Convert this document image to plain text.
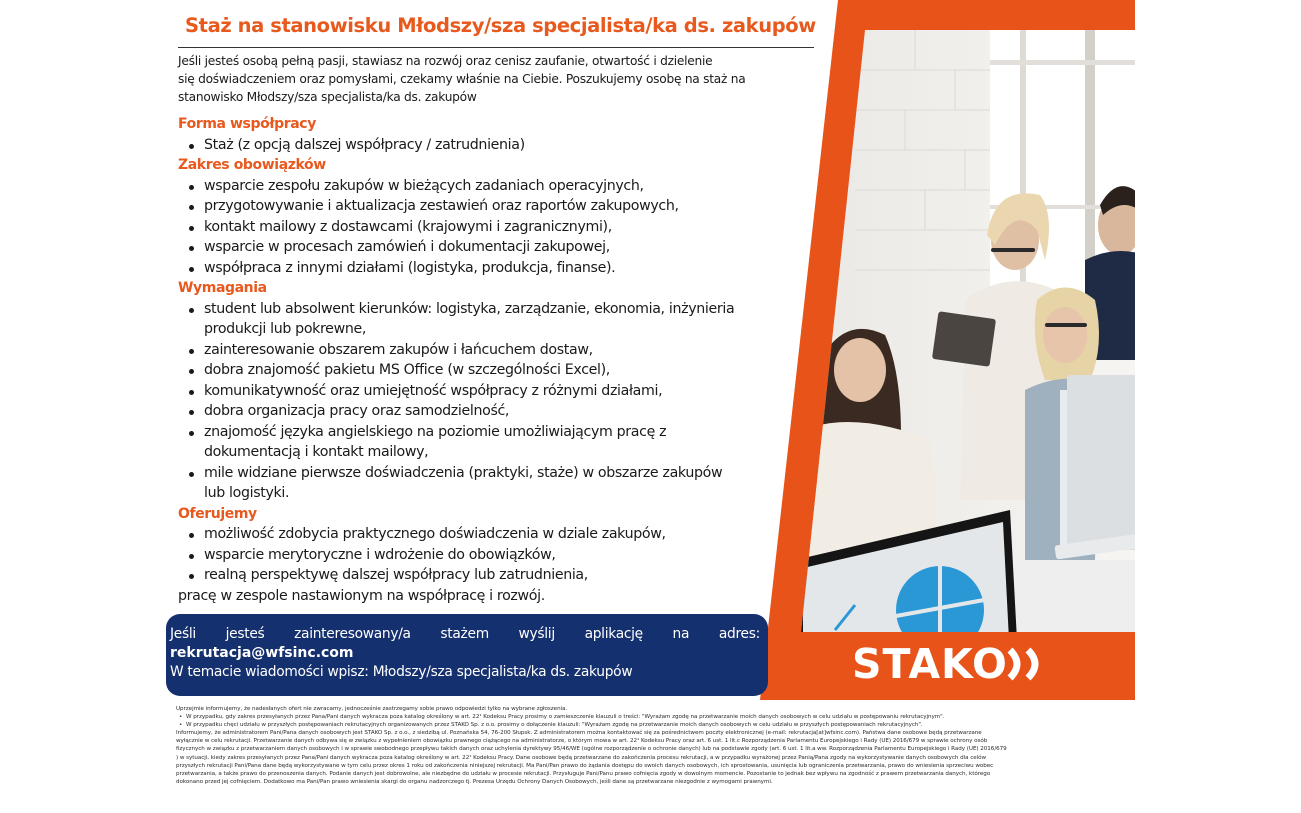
Staż na stanowisku Młodszy/sza specjalista/ka ds. zakupów
Jeśli jesteś osobą pełną pasji, stawiasz na rozwój oraz cenisz zaufanie, otwartość i dzielenie
się doświadczeniem oraz pomysłami, czekamy właśnie na Ciebie. Poszukujemy osobę na staż na
stanowisko Młodszy/sza specjalista/ka ds. zakupów
Forma współpracy
Staż (z opcją dalszej współpracy / zatrudnienia)
Zakres obowiązków
wsparcie zespołu zakupów w bieżących zadaniach operacyjnych,
przygotowywanie i aktualizacja zestawień oraz raportów zakupowych,
kontakt mailowy z dostawcami (krajowymi i zagranicznymi),
wsparcie w procesach zamówień i dokumentacji zakupowej,
współpraca z innymi działami (logistyka, produkcja, finanse).
Wymagania
student lub absolwent kierunków: logistyka, zarządzanie, ekonomia, inżynieria
produkcji lub pokrewne,
zainteresowanie obszarem zakupów i łańcuchem dostaw,
dobra znajomość pakietu MS Office (w szczególności Excel),
komunikatywność oraz umiejętność współpracy z różnymi działami,
dobra organizacja pracy oraz samodzielność,
znajomość języka angielskiego na poziomie umożliwiającym pracę z
dokumentacją i kontakt mailowy,
mile widziane pierwsze doświadczenia (praktyki, staże) w obszarze zakupów
lub logistyki.
Oferujemy
możliwość zdobycia praktycznego doświadczenia w dziale zakupów,
wsparcie merytoryczne i wdrożenie do obowiązków,
realną perspektywę dalszej współpracy lub zatrudnienia,
pracę w zespole nastawionym na współpracę i rozwój.
STAKO
Jeśli jesteś zainteresowany/a stażem wyślij aplikację na adres:
rekrutacja@wfsinc.com
W temacie wiadomości wpisz: Młodszy/sza specjalista/ka ds. zakupów

Uprzejmie informujemy, że nadesłanych ofert nie zwracamy, jednocześnie zastrzegamy sobie prawo odpowiedzi tylko na wybrane zgłoszenia.

• W przypadku, gdy zakres przesyłanych przez Pana/Pani danych wykracza poza katalog określony w art. 22¹ Kodeksu Pracy prosimy o zamieszczenie klauzuli o treści: "Wyrażam zgodę na przetwarzanie moich danych osobowych w celu udziału w postępowaniu rekrutacyjnym".

• W przypadku chęci udziału w przyszłych postępowaniach rekrutacyjnych organizowanych przez STAKO Sp. z o.o. prosimy o dołączenie klauzuli: "Wyrażam zgodę na przetwarzanie moich danych osobowych w celu udziału w przyszłych postępowaniach rekrutacyjnych".

Informujemy, że administratorem Pani/Pana danych osobowych jest STAKO Sp. z o.o., z siedzibą ul. Poznańska 54, 76-200 Słupsk. Z administratorem można kontaktować się za pośrednictwem poczty elektronicznej (e-mail: rekrutacja[at]wfsinc.com). Państwa dane osobowe będą przetwarzane

wyłącznie w celu rekrutacji. Przetwarzanie danych odbywa się w związku z wypełnieniem obowiązku prawnego ciążącego na administratorze, o którym mowa w art. 22¹ Kodeksu Pracy oraz art. 6 ust. 1 lit.c Rozporządzenia Parlamentu Europejskiego i Rady (UE) 2016/679 w sprawie ochrony osób

fizycznych w związku z przetwarzaniem danych osobowych i w sprawie swobodnego przepływu takich danych oraz uchylenia dyrektywy 95/46/WE (ogólne rozporządzenie o ochronie danych) lub na podstawie zgody (art. 6 ust. 1 lit.a ww. Rozporządzenia Parlamentu Europejskiego i Rady (UE) 2016/679

) w sytuacji, kiedy zakres przesyłanych przez Pana/Pani danych wykracza poza katalog określony w art. 22¹ Kodeksu Pracy. Dane osobowe będą przetwarzane do zakończenia procesu rekrutacji, a w przypadku wyrażonej przez Panią/Pana zgody na wykorzystywanie danych osobowych dla celów

przyszłych rekrutacji Pani/Pana dane będą wykorzystywane w tym celu przez okres 1 roku od zakończenia niniejszej rekrutacji. Ma Pani/Pan prawo do żądania dostępu do swoich danych osobowych, ich sprostowania, usunięcia lub ograniczenia przetwarzania, prawo do wniesienia sprzeciwu wobec

przetwarzania, a także prawo do przenoszenia danych. Podanie danych jest dobrowolne, ale niezbędne do udziału w procesie rekrutacji. Przysługuje Pani/Panu prawo cofnięcia zgody w dowolnym momencie. Pozostanie to jednak bez wpływu na zgodność z prawem przetwarzania danych, którego

dokonano przed jej cofnięciem. Dodatkowo ma Pani/Pan prawo wniesienia skargi do organu nadzorczego tj. Prezesa Urzędu Ochrony Danych Osobowych, jeśli dane są przetwarzane niezgodnie z wymogami prawnymi.
